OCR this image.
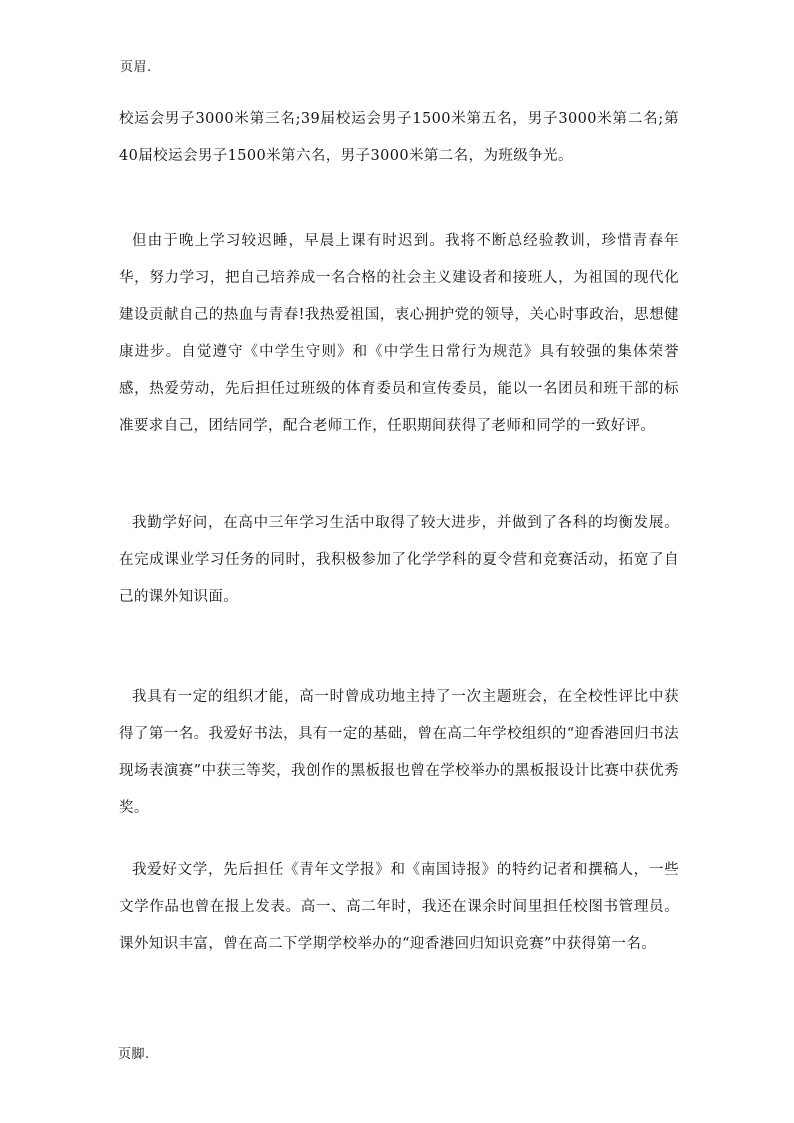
页眉.

校运会男子3000米第三名;39届校运会男子1500米第五名，男子3000米第二名;第40届校运会男子1500米第六名，男子3000米第二名，为班级争光。

但由于晚上学习较迟睡，早晨上课有时迟到。我将不断总经验教训，珍惜青春年华，努力学习，把自己培养成一名合格的社会主义建设者和接班人，为祖国的现代化建设贡献自己的热血与青春!我热爱祖国，衷心拥护党的领导，关心时事政治，思想健康进步。自觉遵守《中学生守则》和《中学生日常行为规范》具有较强的集体荣誉感，热爱劳动，先后担任过班级的体育委员和宣传委员，能以一名团员和班干部的标准要求自己，团结同学，配合老师工作，任职期间获得了老师和同学的一致好评。

我勤学好问，在高中三年学习生活中取得了较大进步，并做到了各科的均衡发展。在完成课业学习任务的同时，我积极参加了化学学科的夏令营和竞赛活动，拓宽了自己的课外知识面。

我具有一定的组织才能，高一时曾成功地主持了一次主题班会，在全校性评比中获得了第一名。我爱好书法，具有一定的基础，曾在高二年学校组织的“迎香港回归书法现场表演赛”中获三等奖，我创作的黑板报也曾在学校举办的黑板报设计比赛中获优秀奖。

我爱好文学，先后担任《青年文学报》和《南国诗报》的特约记者和撰稿人，一些文学作品也曾在报上发表。高一、高二年时，我还在课余时间里担任校图书管理员。课外知识丰富，曾在高二下学期学校举办的“迎香港回归知识竞赛”中获得第一名。

页脚.
